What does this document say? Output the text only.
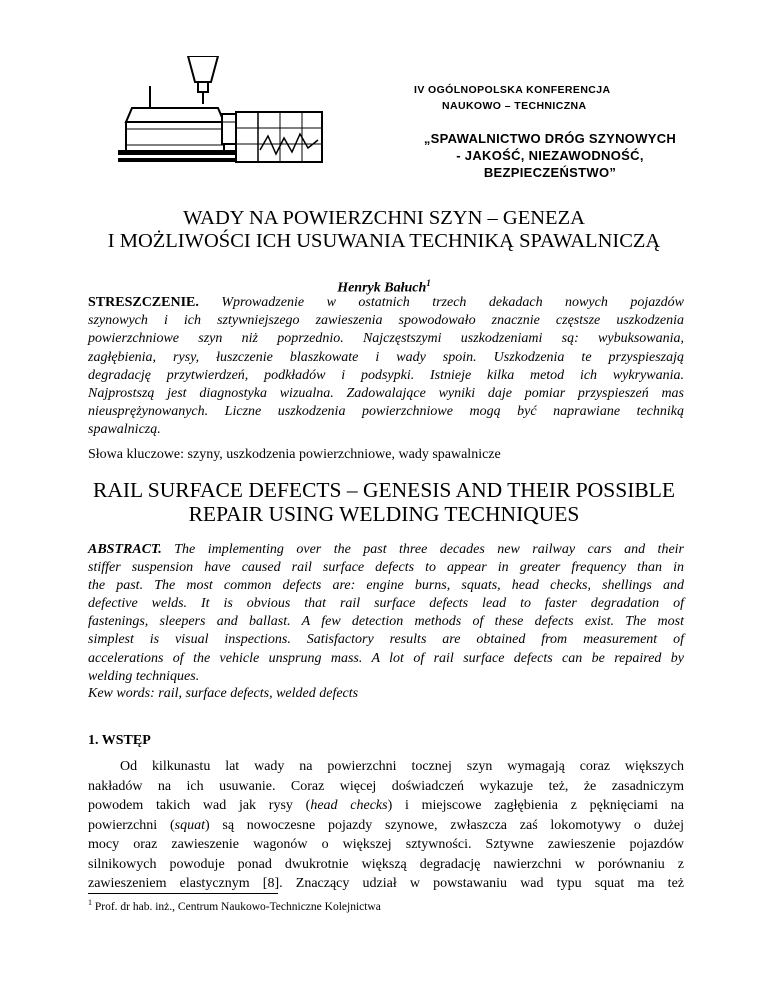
IV OGÓLNOPOLSKA KONFERENCJA
NAUKOWO – TECHNICZNA
„SPAWALNICTWO DRÓG SZYNOWYCH
- JAKOŚĆ, NIEZAWODNOŚĆ,
BEZPIECZEŃSTWO”
WADY NA POWIERZCHNI SZYN – GENEZA
I MOŻLIWOŚCI ICH USUWANIA TECHNIKĄ SPAWALNICZĄ
Henryk Bałuch$^1$
STRESZCZENIE. Wprowadzenie w ostatnich trzech dekadach nowych pojazdów
szynowych i ich sztywniejszego zawieszenia spowodowało znacznie częstsze uszkodzenia
powierzchniowe szyn niż poprzednio. Najczęstszymi uszkodzeniami są: wybuksowania,
zagłębienia, rysy, łuszczenie blaszkowate i wady spoin. Uszkodzenia te przyspieszają
degradację przytwierdzeń, podkładów i podsypki. Istnieje kilka metod ich wykrywania.
Najprostszą jest diagnostyka wizualna. Zadowalające wyniki daje pomiar przyspieszeń mas
nieusprężynowanych. Liczne uszkodzenia powierzchniowe mogą być naprawiane techniką
spawalniczą.
Słowa kluczowe: szyny, uszkodzenia powierzchniowe, wady spawalnicze
RAIL SURFACE DEFECTS – GENESIS AND THEIR POSSIBLE
REPAIR USING WELDING TECHNIQUES
ABSTRACT. The implementing over the past three decades new railway cars and their
stiffer suspension have caused rail surface defects to appear in greater frequency than in
the past. The most common defects are: engine burns, squats, head checks, shellings and
defective welds. It is obvious that rail surface defects lead to faster degradation of
fastenings, sleepers and ballast. A few detection methods of these defects exist. The most
simplest is visual inspections. Satisfactory results are obtained from measurement of
accelerations of the vehicle unsprung mass. A lot of rail surface defects can be repaired by
welding techniques.
Kew words: rail, surface defects, welded defects
1. WSTĘP
Od kilkunastu lat wady na powierzchni tocznej szyn wymagają coraz większych
nakładów na ich usuwanie. Coraz więcej doświadczeń wykazuje też, że zasadniczym
powodem takich wad jak rysy (head checks) i miejscowe zagłębienia z pęknięciami na
powierzchni (squat) są nowoczesne pojazdy szynowe, zwłaszcza zaś lokomotywy o dużej
mocy oraz zawieszenie wagonów o większej sztywności. Sztywne zawieszenie pojazdów
silnikowych powoduje ponad dwukrotnie większą degradację nawierzchni w porównaniu z
zawieszeniem elastycznym [8]. Znaczący udział w powstawaniu wad typu squat ma też
$^1$ Prof. dr hab. inż., Centrum Naukowo-Techniczne Kolejnictwa
